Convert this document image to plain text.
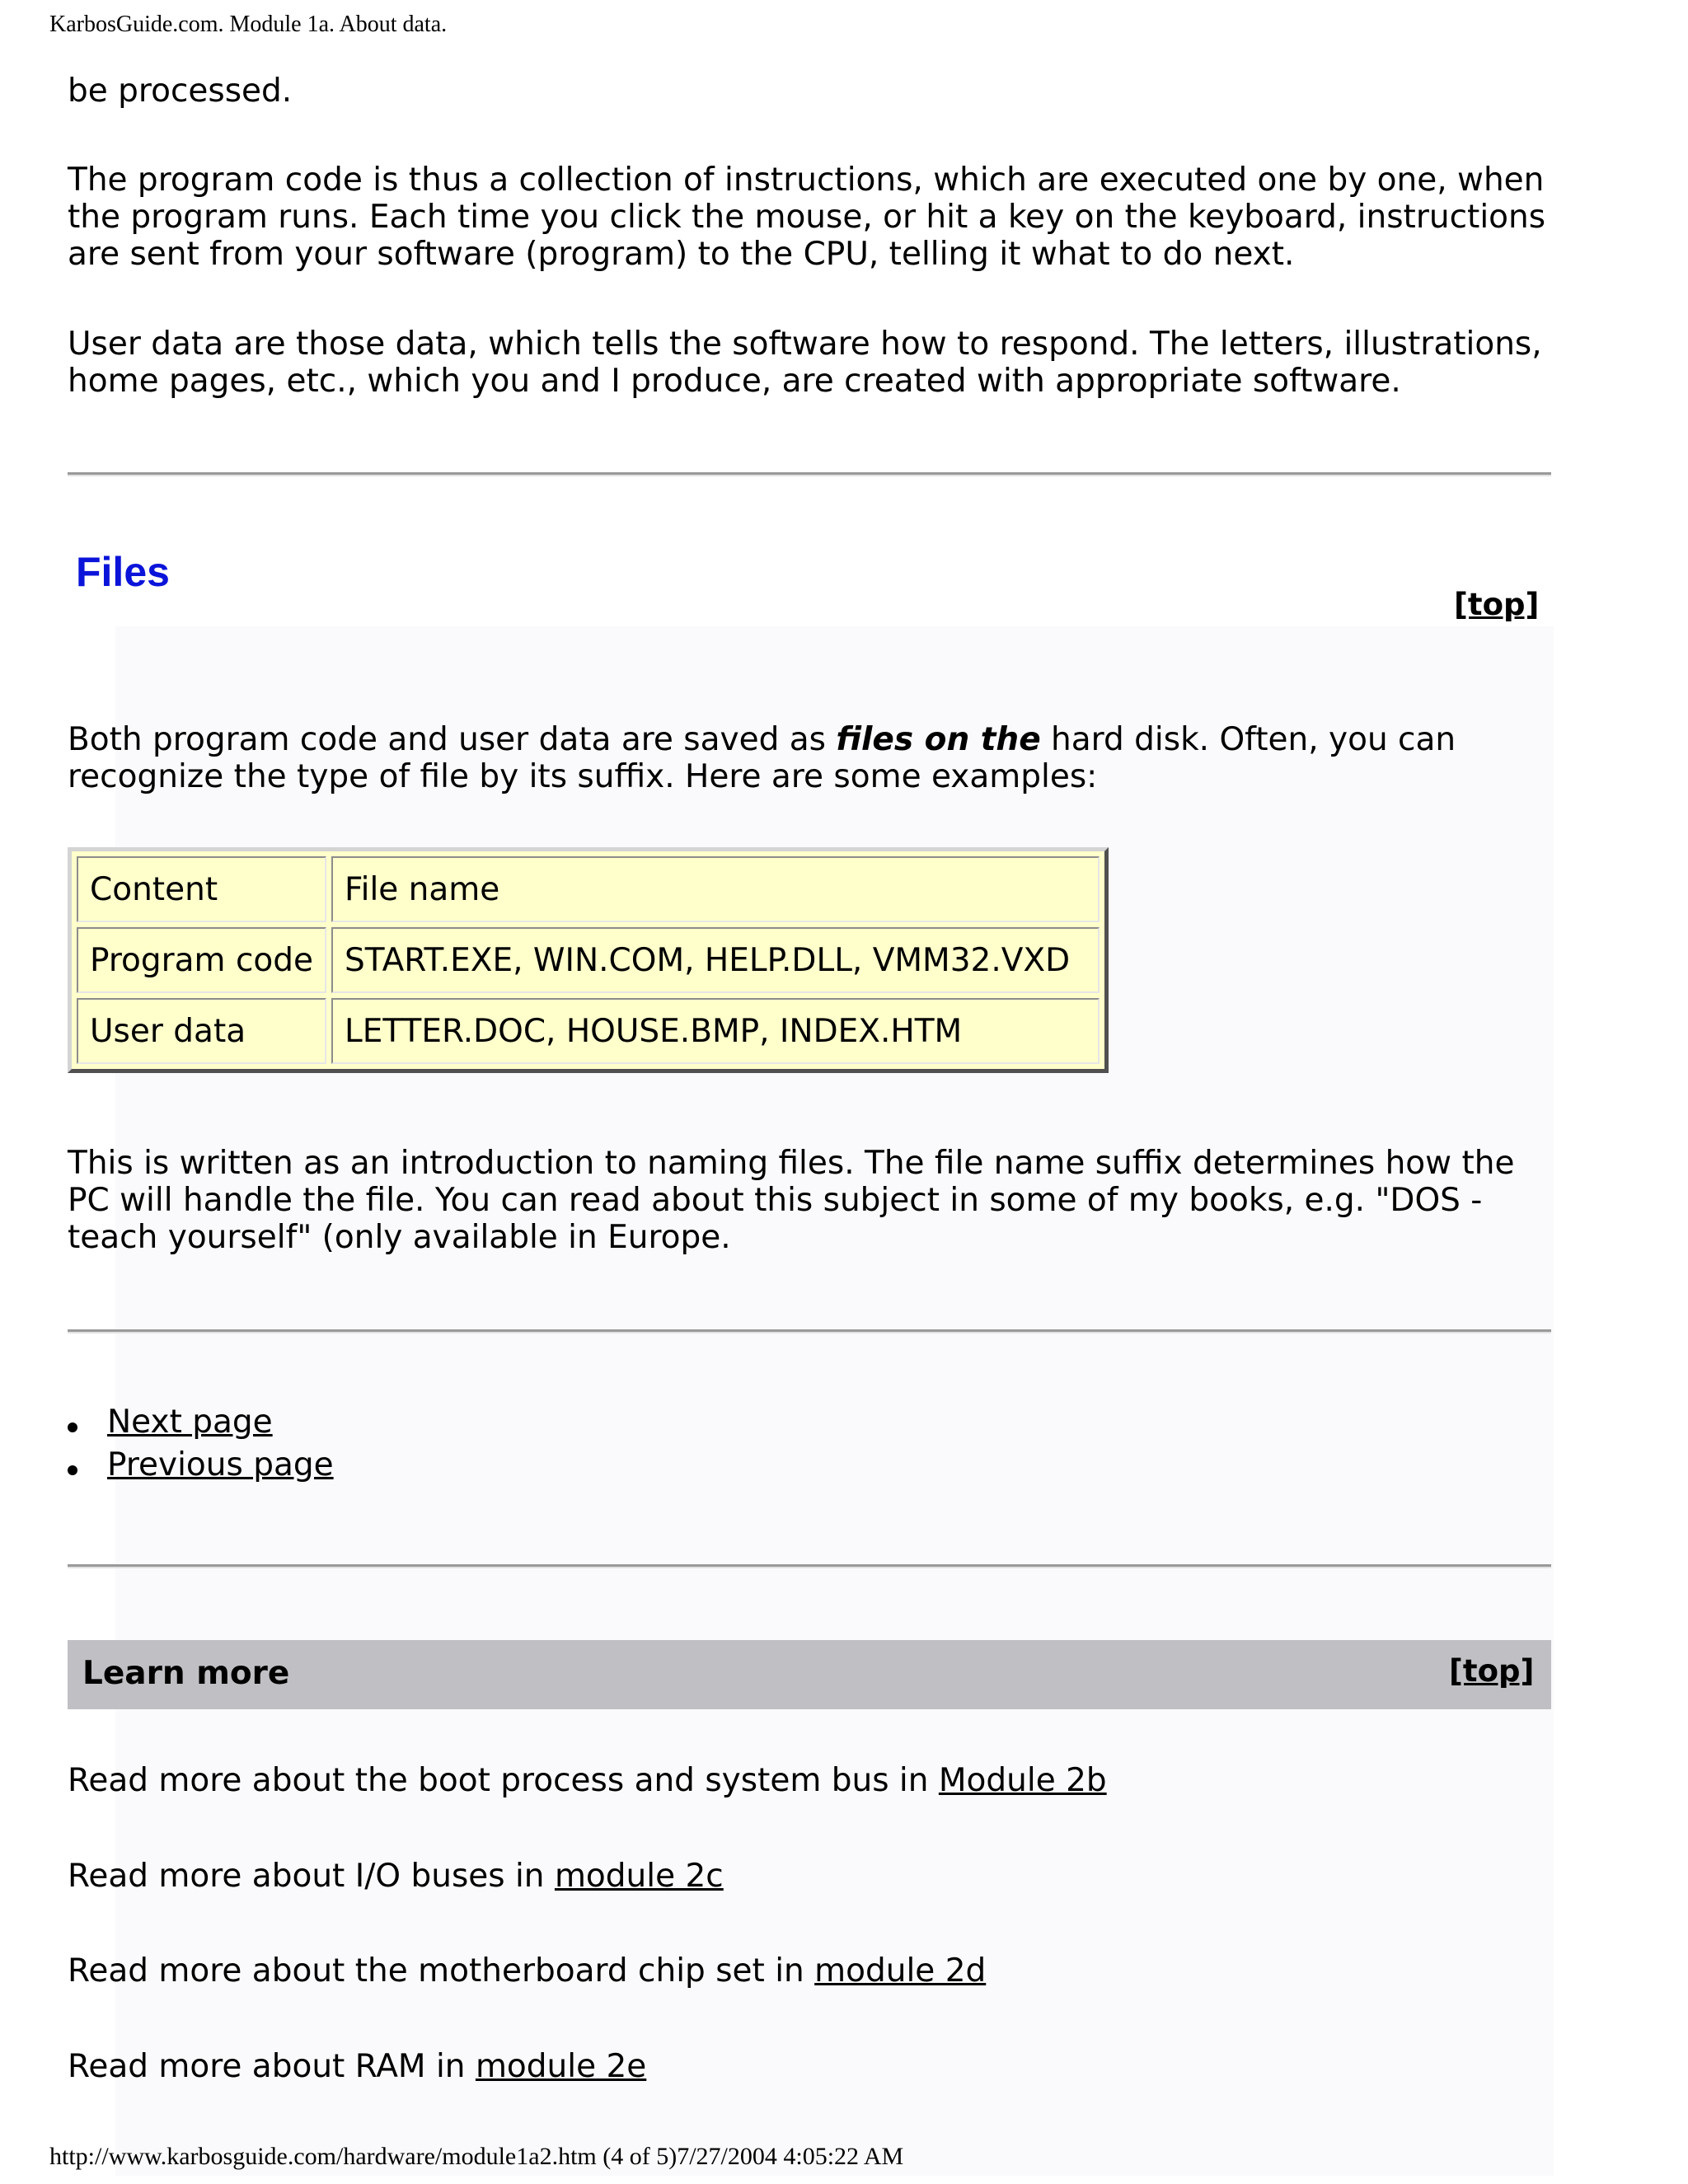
KarbosGuide.com. Module 1a. About data.

be processed.

The program code is thus a collection of instructions, which are executed one by one, when the program runs. Each time you click the mouse, or hit a key on the keyboard, instructions are sent from your software (program) to the CPU, telling it what to do next.

User data are those data, which tells the software how to respond. The letters, illustrations, home pages, etc., which you and I produce, are created with appropriate software.

Files
[top]

Both program code and user data are saved as files on the hard disk. Often, you can recognize the type of file by its suffix. Here are some examples:

Content	File name
Program code	START.EXE, WIN.COM, HELP.DLL, VMM32.VXD
User data	LETTER.DOC, HOUSE.BMP, INDEX.HTM

This is written as an introduction to naming files. The file name suffix determines how the PC will handle the file. You can read about this subject in some of my books, e.g. "DOS - teach yourself" (only available in Europe.

Next page
Previous page
Learn more	[top]

Read more about the boot process and system bus in Module 2b

Read more about I/O buses in module 2c

Read more about the motherboard chip set in module 2d

Read more about RAM in module 2e

http://www.karbosguide.com/hardware/module1a2.htm (4 of 5)7/27/2004 4:05:22 AM
